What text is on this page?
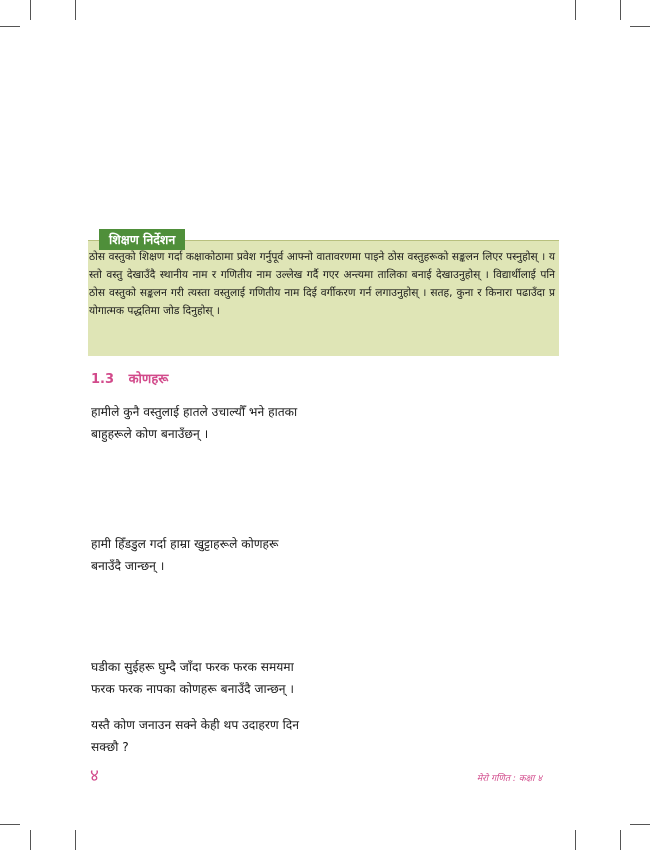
शिक्षण निर्देशन
ठोस वस्तुको शिक्षण गर्दा कक्षाकोठामा प्रवेश गर्नुपूर्व आफ्नो वातावरणमा पाइने ठोस वस्तुहरूको सङ्कलन लिएर पस्नुहोस् । यस्तो वस्तु देखाउँदै स्थानीय नाम र गणितीय नाम उल्लेख गर्दै गएर अन्त्यमा तालिका बनाई देखाउनुहोस् । विद्यार्थीलाई पनि ठोस वस्तुको सङ्कलन गरी त्यस्ता वस्तुलाई गणितीय नाम दिई वर्गीकरण गर्न लगाउनुहोस् । सतह, कुना र किनारा पढाउँदा प्रयोगात्मक पद्धतिमा जोड दिनुहोस् ।
1.3 कोणहरू
हामीले कुनै वस्तुलाई हातले उचाल्यौँ भने हातका
बाहुहरूले कोण बनाउँछन् ।
हामी हिँडडुल गर्दा हाम्रा खुट्टाहरूले कोणहरू
बनाउँदै जान्छन् ।
घडीका सुईहरू घुम्दै जाँदा फरक फरक समयमा
फरक फरक नापका कोणहरू बनाउँदै जान्छन् ।
यस्तै कोण जनाउन सक्ने केही थप उदाहरण दिन
सक्छौ ?
४	मेरो गणित : कक्षा ४
